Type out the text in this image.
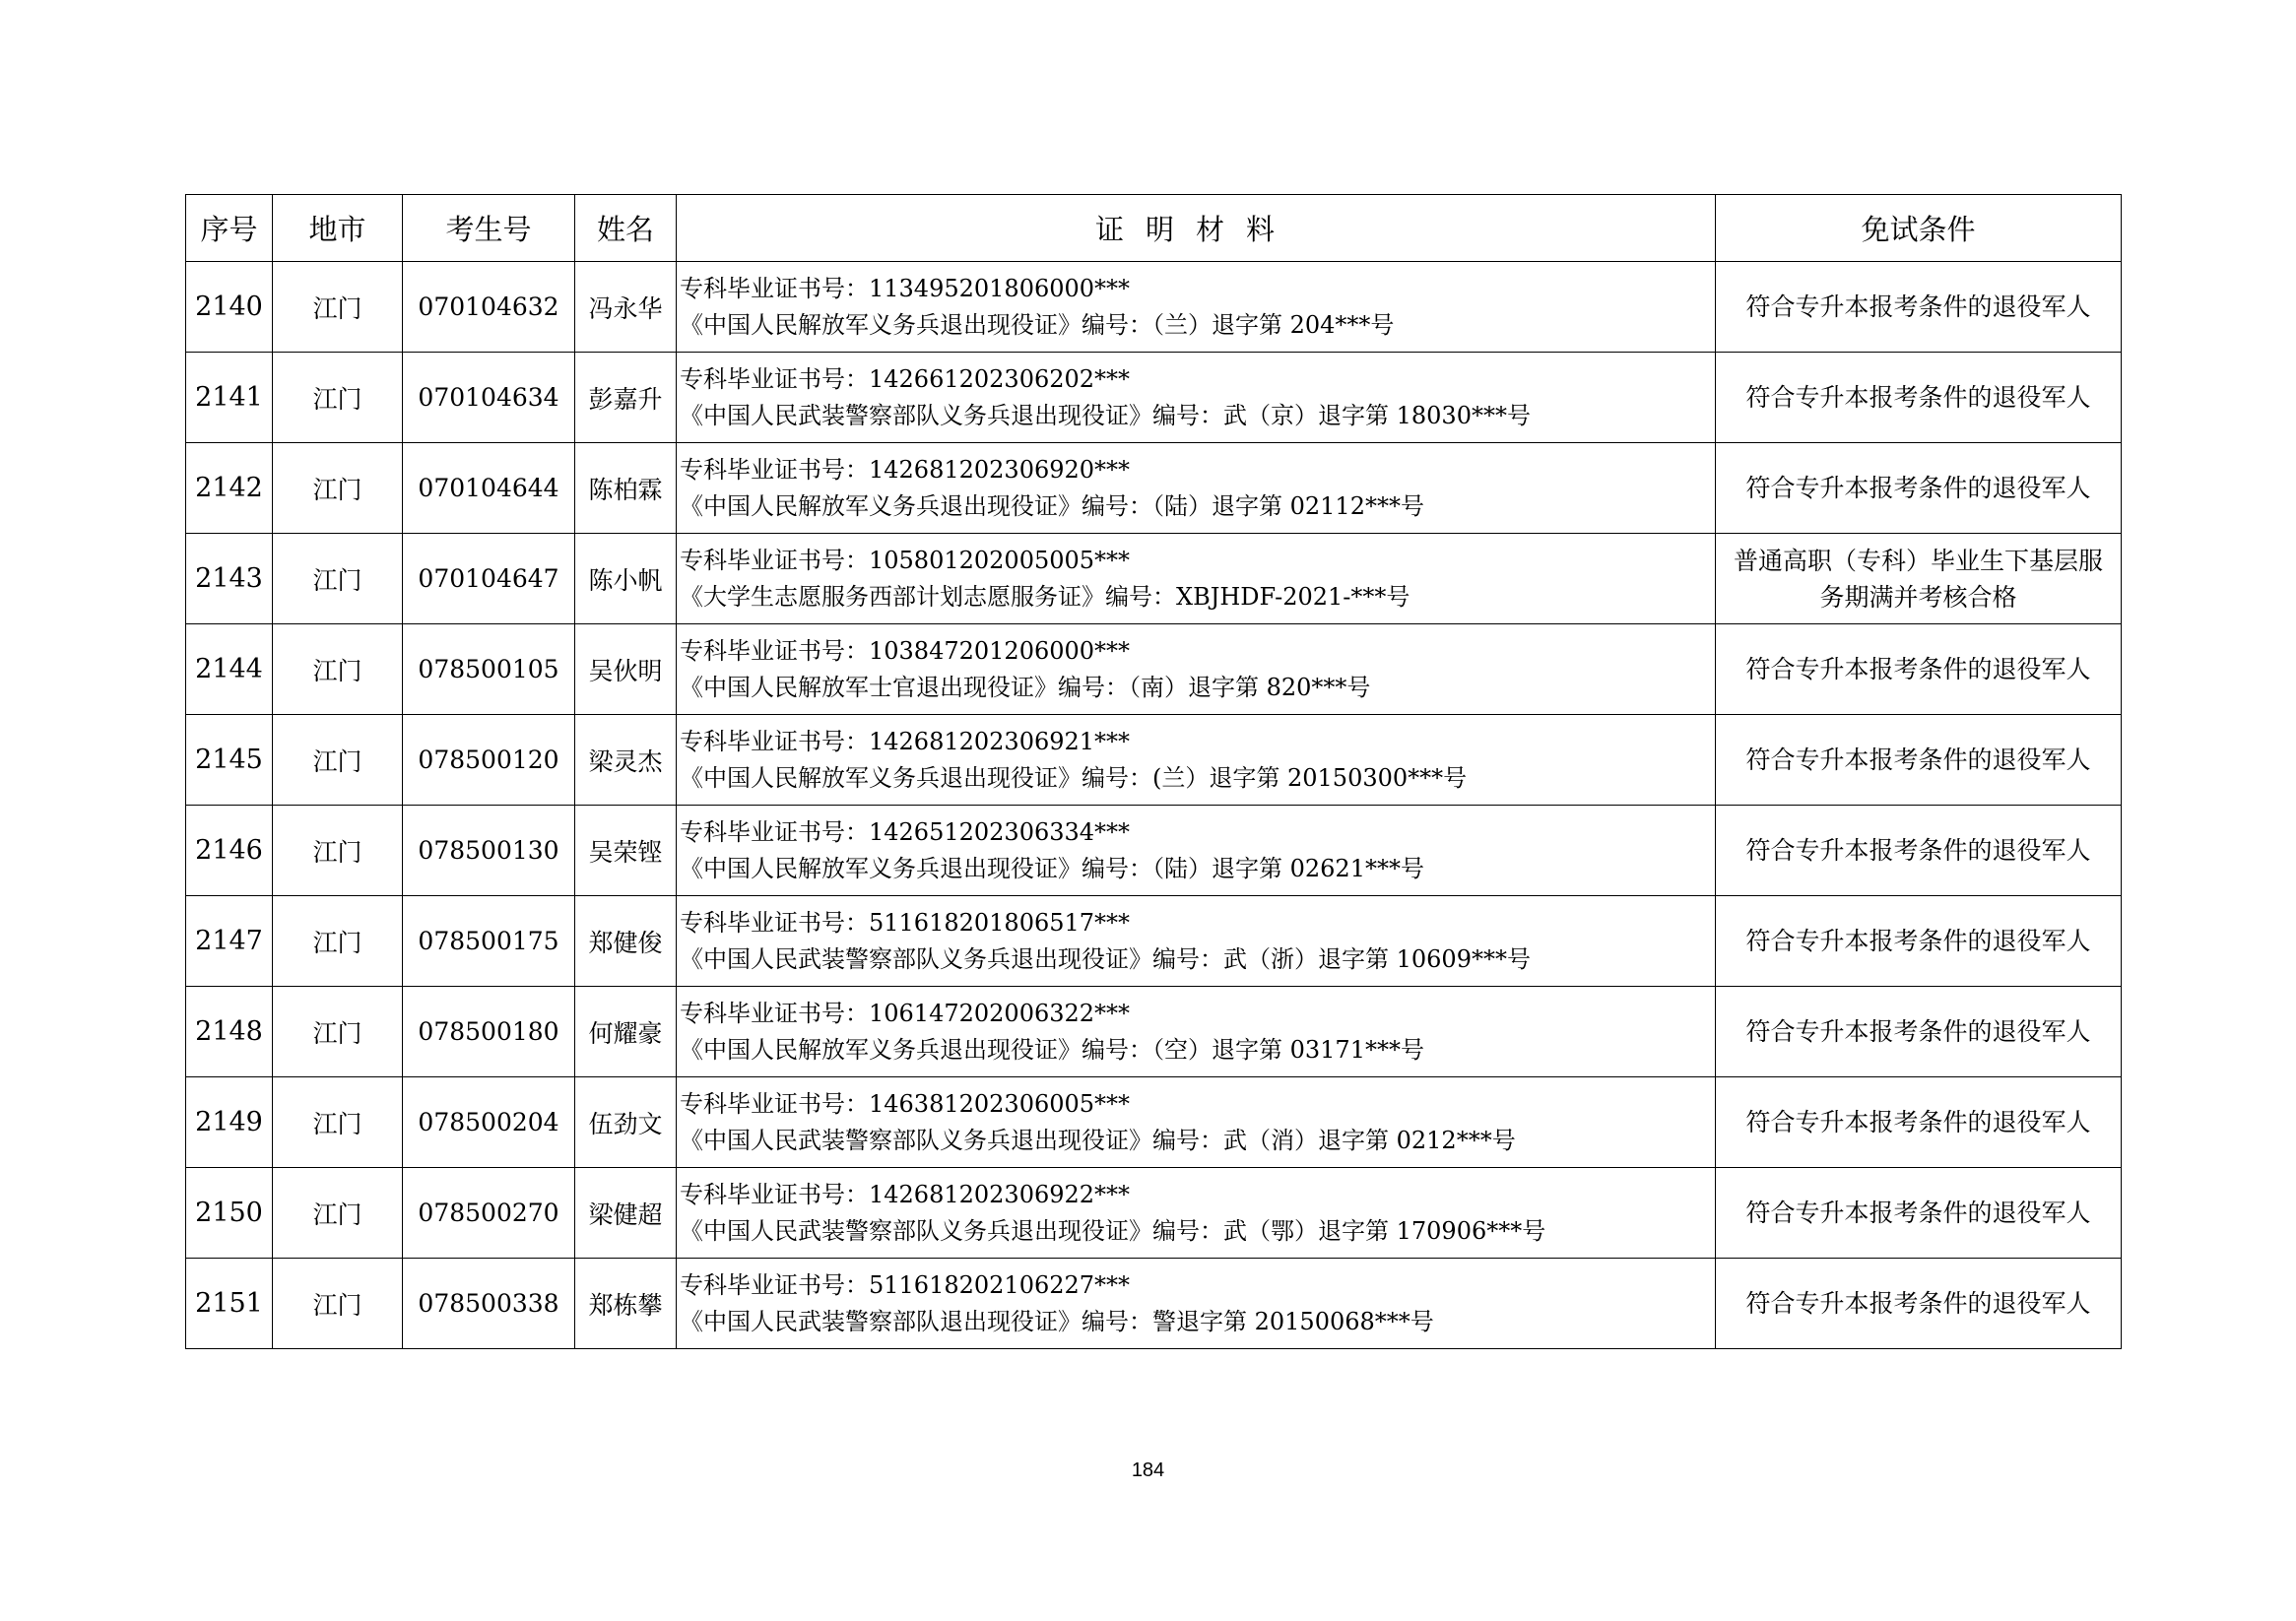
序号	地市	考生号	姓名	证明材料	免试条件
2140	江门	070104632	冯永华	专科毕业证书号：113495201806000***
《中国人民解放军义务兵退出现役证》编号：（兰）退字第 204***号	符合专升本报考条件的退役军人

2141	江门	070104634	彭嘉升	专科毕业证书号：142661202306202***
《中国人民武装警察部队义务兵退出现役证》编号：武（京）退字第 18030***号	符合专升本报考条件的退役军人

2142	江门	070104644	陈柏霖	专科毕业证书号：142681202306920***
《中国人民解放军义务兵退出现役证》编号：（陆）退字第 02112***号	符合专升本报考条件的退役军人

2143	江门	070104647	陈小帆	专科毕业证书号：105801202005005***
《大学生志愿服务西部计划志愿服务证》编号：XBJHDF-2021-***号	普通高职（专科）毕业生下基层服
务期满并考核合格

2144	江门	078500105	吴伙明	专科毕业证书号：103847201206000***
《中国人民解放军士官退出现役证》编号：（南）退字第 820***号	符合专升本报考条件的退役军人

2145	江门	078500120	梁灵杰	专科毕业证书号：142681202306921***
《中国人民解放军义务兵退出现役证》编号：(兰）退字第 20150300***号	符合专升本报考条件的退役军人

2146	江门	078500130	吴荣铿	专科毕业证书号：142651202306334***
《中国人民解放军义务兵退出现役证》编号：（陆）退字第 02621***号	符合专升本报考条件的退役军人

2147	江门	078500175	郑健俊	专科毕业证书号：511618201806517***
《中国人民武装警察部队义务兵退出现役证》编号：武（浙）退字第 10609***号	符合专升本报考条件的退役军人

2148	江门	078500180	何耀豪	专科毕业证书号：106147202006322***
《中国人民解放军义务兵退出现役证》编号：（空）退字第 03171***号	符合专升本报考条件的退役军人

2149	江门	078500204	伍劲文	专科毕业证书号：146381202306005***
《中国人民武装警察部队义务兵退出现役证》编号：武（消）退字第 0212***号	符合专升本报考条件的退役军人

2150	江门	078500270	梁健超	专科毕业证书号：142681202306922***
《中国人民武装警察部队义务兵退出现役证》编号：武（鄂）退字第 170906***号	符合专升本报考条件的退役军人

2151	江门	078500338	郑栋攀	专科毕业证书号：511618202106227***
《中国人民武装警察部队退出现役证》编号：警退字第 20150068***号	符合专升本报考条件的退役军人
184
